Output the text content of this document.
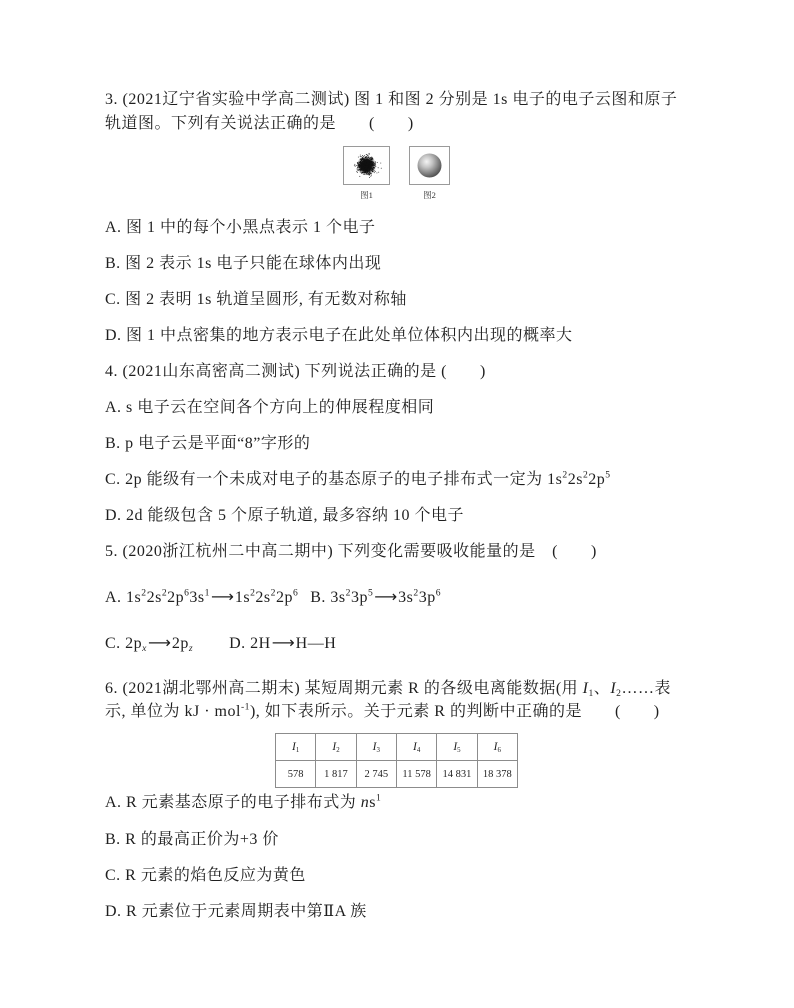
3. (2021辽宁省实验中学高二测试) 图 1 和图 2 分别是 1s 电子的电子云图和原子
轨道图。下列有关说法正确的是　　(　　)
图1	图2
A. 图 1 中的每个小黑点表示 1 个电子
B. 图 2 表示 1s 电子只能在球体内出现
C. 图 2 表明 1s 轨道呈圆形, 有无数对称轴
D. 图 1 中点密集的地方表示电子在此处单位体积内出现的概率大
4. (2021山东高密高二测试) 下列说法正确的是 (　　)
A. s 电子云在空间各个方向上的伸展程度相同
B. p 电子云是平面“8”字形的
C. 2p 能级有一个未成对电子的基态原子的电子排布式一定为 $1s^22s^22p^5$
D. 2d 能级包含 5 个原子轨道, 最多容纳 10 个电子
5. (2020浙江杭州二中高二期中) 下列变化需要吸收能量的是　(　　)
A. $1s^22s^22p^63s^1⟶1s^22s^22p^6$ B. $3s^23p^5⟶3s^23p^6$
C. $2p_x⟶2p_z$ D. 2H⟶H—H
6. (2021湖北鄂州高二期末) 某短周期元素 R 的各级电离能数据(用 $I_1$、$I_2\dots\dots$表
示, 单位为 kJ · mol$^{-1}$), 如下表所示。关于元素 R 的判断中正确的是　　(　　)
$I_1$	$I_2$	$I_3$	$I_4$	$I_5$	$I_6$
578	1 817	2 745	11 578	14 831	18 378
A. R 元素基态原子的电子排布式为 $ns^1$
B. R 的最高正价为+3 价
C. R 元素的焰色反应为黄色
D. R 元素位于元素周期表中第ⅡA 族
